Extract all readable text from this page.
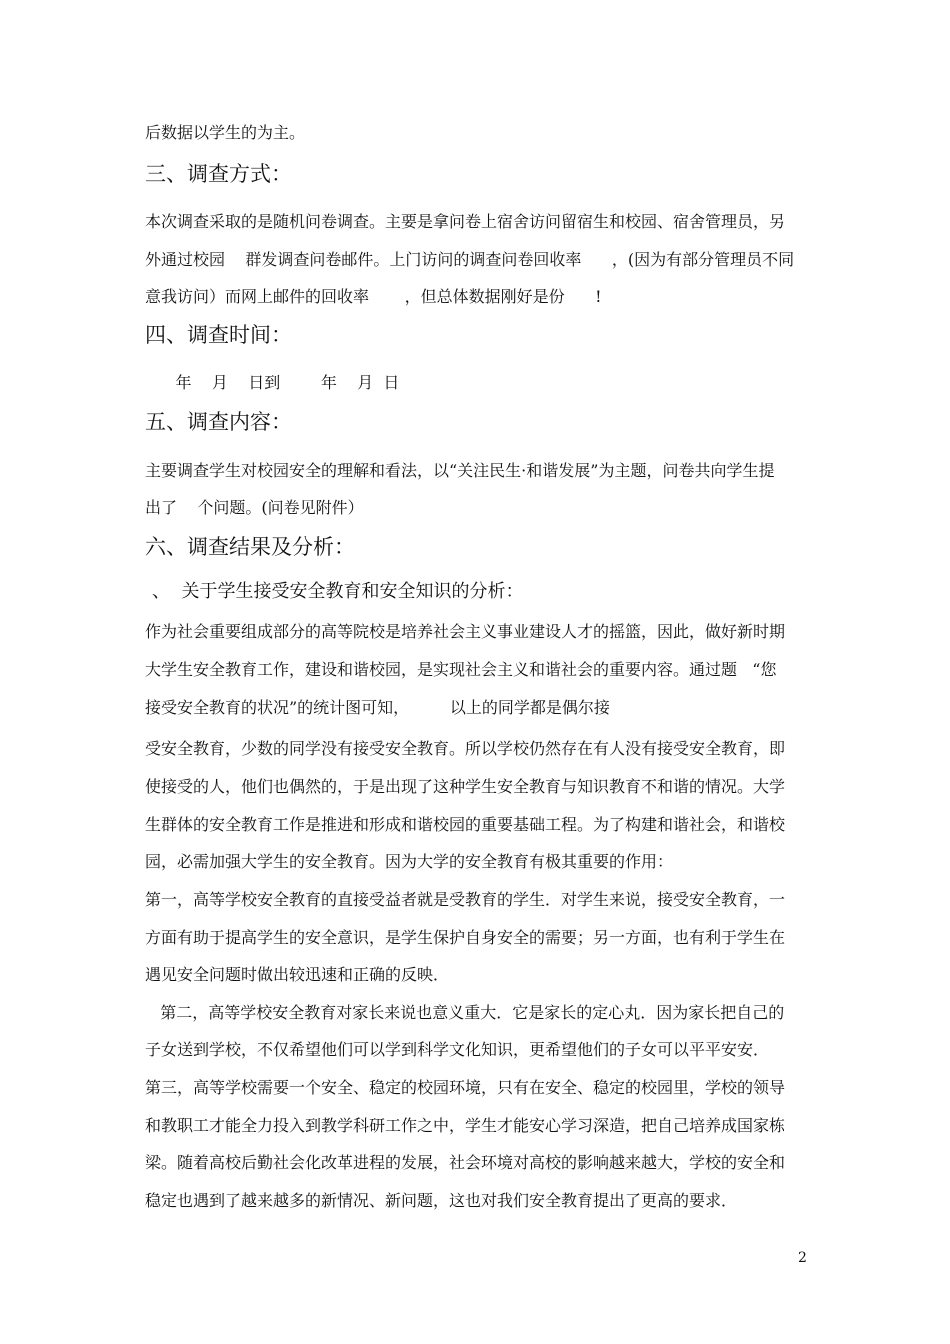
后数据以学生的为主。
三、调查方式：
本次调查采取的是随机问卷调查。主要是拿问卷上宿舍访问留宿生和校园、宿舍管理员，另
外通过校园    群发调查问卷邮件。上门访问的调查问卷回收率      ，(因为有部分管理员不同
意我访问）而网上邮件的回收率       ，但总体数据刚好是份      !
四、调查时间：
年    月    日到        年    月  日
五、调查内容：
主要调查学生对校园安全的理解和看法，以“关注民生·和谐发展”为主题，问卷共向学生提
出了    个问题。(问卷见附件）
六、调查结果及分析：
、  关于学生接受安全教育和安全知识的分析：
作为社会重要组成部分的高等院校是培养社会主义事业建设人才的摇篮，因此，做好新时期
大学生安全教育工作，建设和谐校园，是实现社会主义和谐社会的重要内容。通过题   “您
接受安全教育的状况”的统计图可知，        以上的同学都是偶尔接
受安全教育，少数的同学没有接受安全教育。所以学校仍然存在有人没有接受安全教育，即
使接受的人，他们也偶然的，于是出现了这种学生安全教育与知识教育不和谐的情况。大学
生群体的安全教育工作是推进和形成和谐校园的重要基础工程。为了构建和谐社会，和谐校
园，必需加强大学生的安全教育。因为大学的安全教育有极其重要的作用：
第一，高等学校安全教育的直接受益者就是受教育的学生．对学生来说，接受安全教育，一
方面有助于提高学生的安全意识，是学生保护自身安全的需要；另一方面，也有利于学生在
遇见安全问题时做出较迅速和正确的反映．
第二，高等学校安全教育对家长来说也意义重大．它是家长的定心丸．因为家长把自己的
子女送到学校，不仅希望他们可以学到科学文化知识，更希望他们的子女可以平平安安．
第三，高等学校需要一个安全、稳定的校园环境，只有在安全、稳定的校园里，学校的领导
和教职工才能全力投入到教学科研工作之中，学生才能安心学习深造，把自己培养成国家栋
梁。随着高校后勤社会化改革进程的发展，社会环境对高校的影响越来越大，学校的安全和
稳定也遇到了越来越多的新情况、新问题，这也对我们安全教育提出了更高的要求．
2
